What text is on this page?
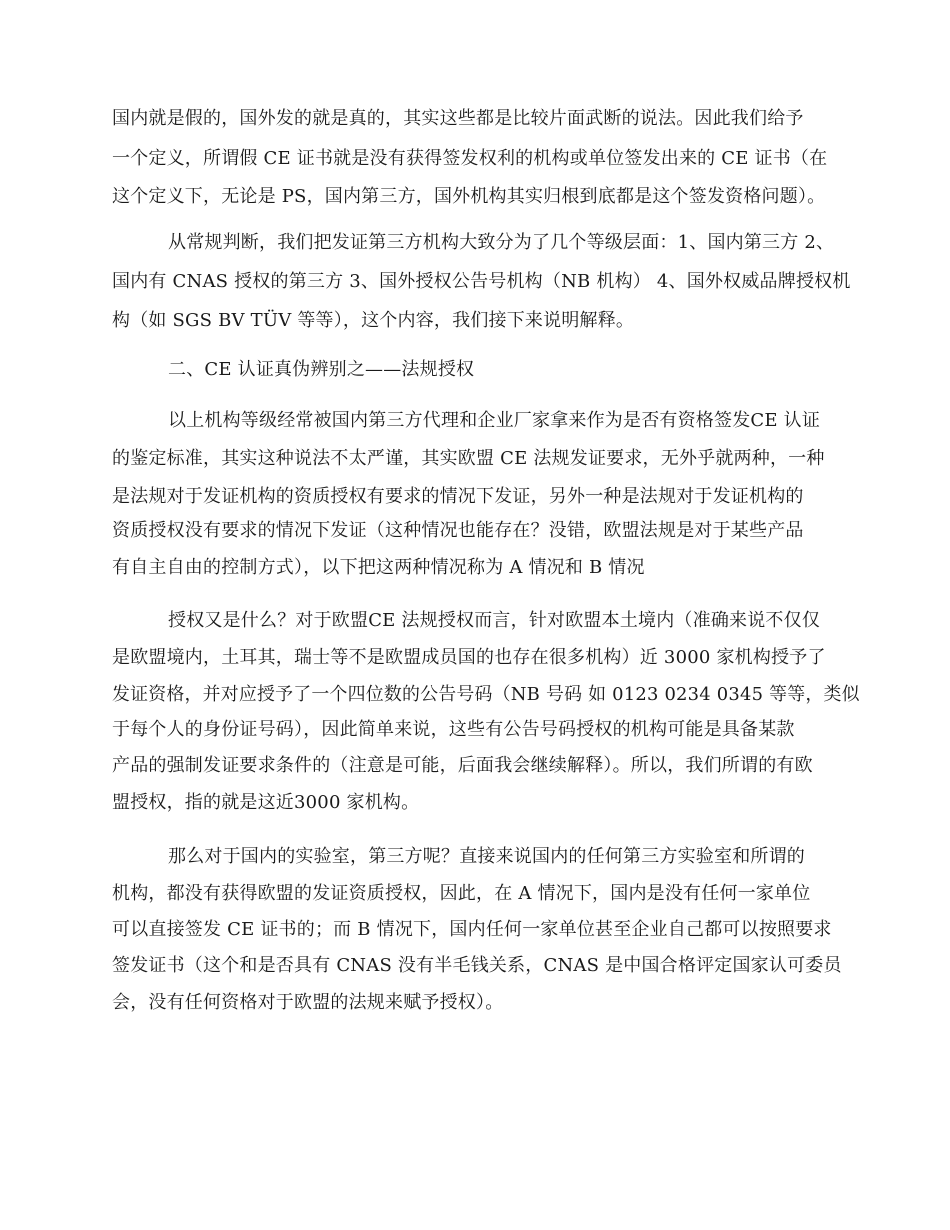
国内就是假的，国外发的就是真的，其实这些都是比较片面武断的说法。因此我们给予
一个定义，所谓假 CE 证书就是没有获得签发权利的机构或单位签发出来的 CE 证书（在
这个定义下，无论是 PS，国内第三方，国外机构其实归根到底都是这个签发资格问题）。
从常规判断，我们把发证第三方机构大致分为了几个等级层面：1、国内第三方 2、
国内有 CNAS 授权的第三方 3、国外授权公告号机构（NB 机构） 4、国外权威品牌授权机
构（如 SGS BV TÜV 等等），这个内容，我们接下来说明解释。
二、CE 认证真伪辨别之——法规授权
以上机构等级经常被国内第三方代理和企业厂家拿来作为是否有资格签发CE 认证
的鉴定标准，其实这种说法不太严谨，其实欧盟 CE 法规发证要求，无外乎就两种，一种
是法规对于发证机构的资质授权有要求的情况下发证，另外一种是法规对于发证机构的
资质授权没有要求的情况下发证（这种情况也能存在？没错，欧盟法规是对于某些产品
有自主自由的控制方式），以下把这两种情况称为 A 情况和 B 情况
授权又是什么？对于欧盟CE 法规授权而言，针对欧盟本土境内（准确来说不仅仅
是欧盟境内，土耳其，瑞士等不是欧盟成员国的也存在很多机构）近 3000 家机构授予了
发证资格，并对应授予了一个四位数的公告号码（NB 号码 如 0123 0234 0345 等等，类似
于每个人的身份证号码），因此简单来说，这些有公告号码授权的机构可能是具备某款
产品的强制发证要求条件的（注意是可能，后面我会继续解释）。所以，我们所谓的有欧
盟授权，指的就是这近3000 家机构。
那么对于国内的实验室，第三方呢？直接来说国内的任何第三方实验室和所谓的
机构，都没有获得欧盟的发证资质授权，因此，在 A 情况下，国内是没有任何一家单位
可以直接签发 CE 证书的；而 B 情况下，国内任何一家单位甚至企业自己都可以按照要求
签发证书（这个和是否具有 CNAS 没有半毛钱关系，CNAS 是中国合格评定国家认可委员
会，没有任何资格对于欧盟的法规来赋予授权）。
